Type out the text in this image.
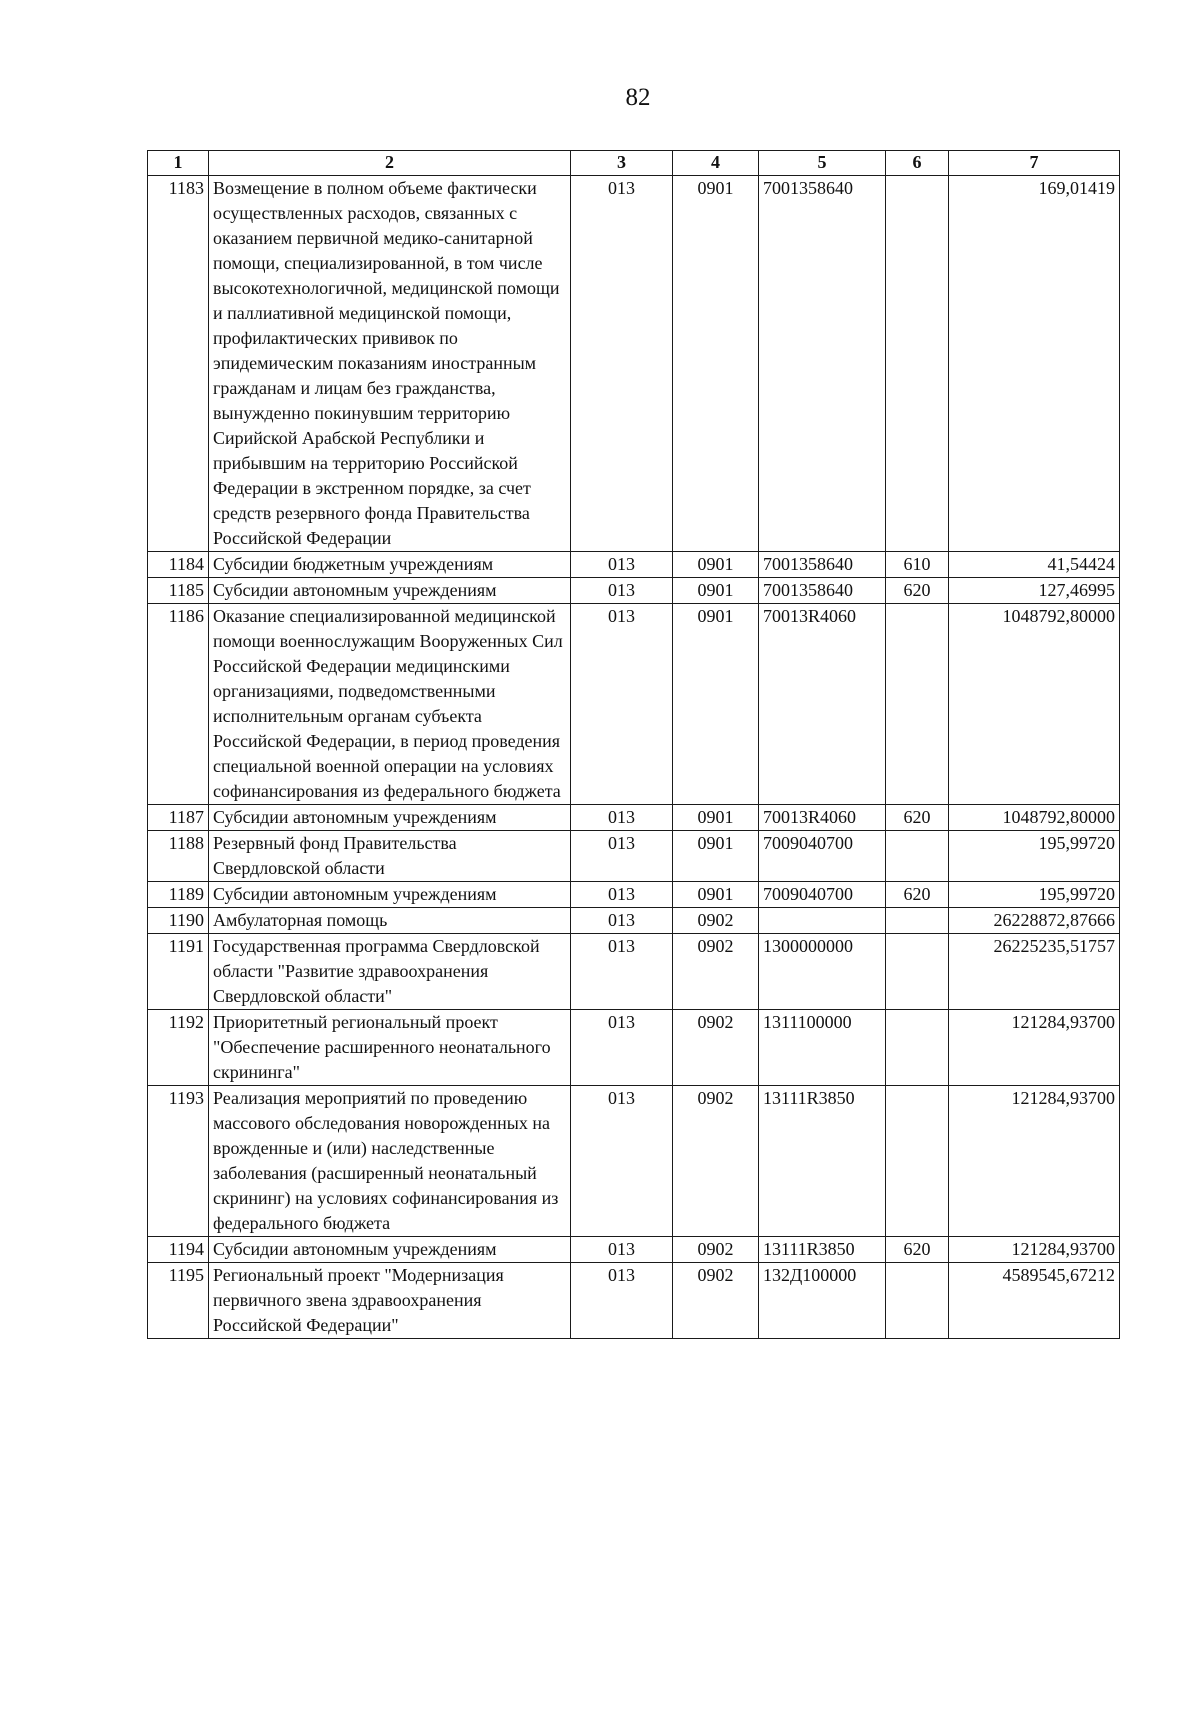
82
1	2	3	4	5	6	7
1183	Возмещение в полном объеме фактически осуществленных расходов, связанных с оказанием первичной медико-санитарной помощи, специализированной, в том числе высокотехнологичной, медицинской помощи и паллиативной медицинской помощи, профилактических прививок по эпидемическим показаниям иностранным гражданам и лицам без гражданства, вынужденно покинувшим территорию Сирийской Арабской Республики и прибывшим на территорию Российской Федерации в экстренном порядке, за счет средств резервного фонда Правительства Российской Федерации	013	0901	7001358640		169,01419
1184	Субсидии бюджетным учреждениям	013	0901	7001358640	610	41,54424
1185	Субсидии автономным учреждениям	013	0901	7001358640	620	127,46995
1186	Оказание специализированной медицинской помощи военнослужащим Вооруженных Сил Российской Федерации медицинскими организациями, подведомственными исполнительным органам субъекта Российской Федерации, в период проведения специальной военной операции на условиях софинансирования из федерального бюджета	013	0901	70013R4060		1048792,80000
1187	Субсидии автономным учреждениям	013	0901	70013R4060	620	1048792,80000
1188	Резервный фонд Правительства Свердловской области	013	0901	7009040700		195,99720
1189	Субсидии автономным учреждениям	013	0901	7009040700	620	195,99720
1190	Амбулаторная помощь	013	0902			26228872,87666
1191	Государственная программа Свердловской области "Развитие здравоохранения Свердловской области"	013	0902	1300000000		26225235,51757
1192	Приоритетный региональный проект "Обеспечение расширенного неонатального скрининга"	013	0902	1311100000		121284,93700
1193	Реализация мероприятий по проведению массового обследования новорожденных на врожденные и (или) наследственные заболевания (расширенный неонатальный скрининг) на условиях софинансирования из федерального бюджета	013	0902	13111R3850		121284,93700
1194	Субсидии автономным учреждениям	013	0902	13111R3850	620	121284,93700
1195	Региональный проект "Модернизация первичного звена здравоохранения Российской Федерации"	013	0902	132Д100000		4589545,67212
